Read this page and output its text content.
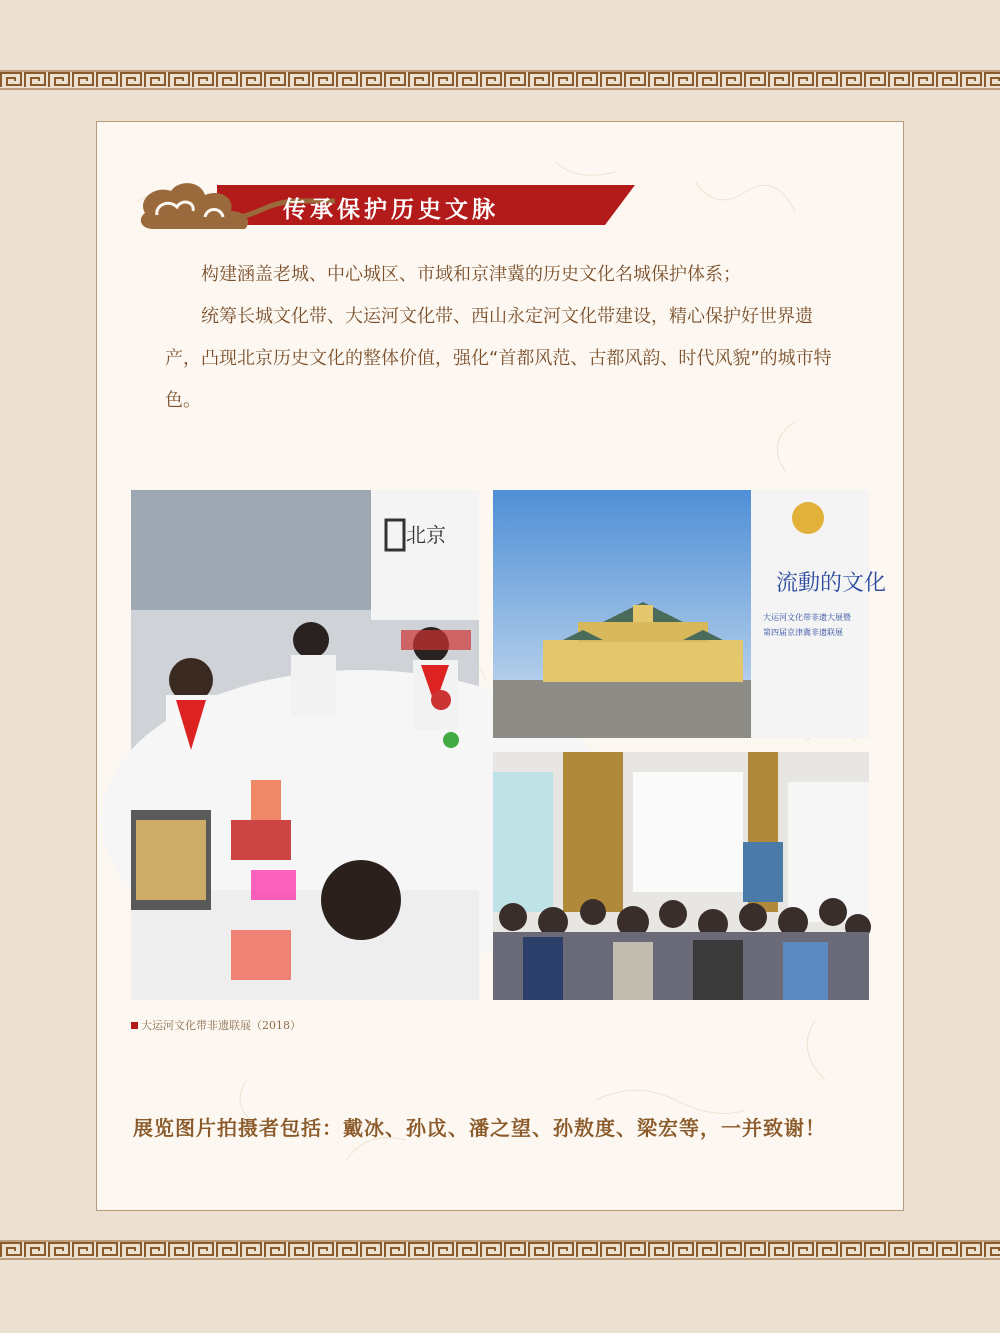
传承保护历史文脉

构建涵盖老城、中心城区、市域和京津冀的历史文化名城保护体系；

统筹长城文化带、大运河文化带、西山永定河文化带建设，精心保护好世界遗产，凸现北京历史文化的整体价值，强化“首都风范、古都风韵、时代风貌”的城市特色。

北京
流動的文化
大运河文化带非遗大展暨
第四届京津冀非遗联展
大运河文化带非遗联展（2018）
展览图片拍摄者包括：戴冰、孙戉、潘之望、孙敖度、梁宏等，一并致谢！
